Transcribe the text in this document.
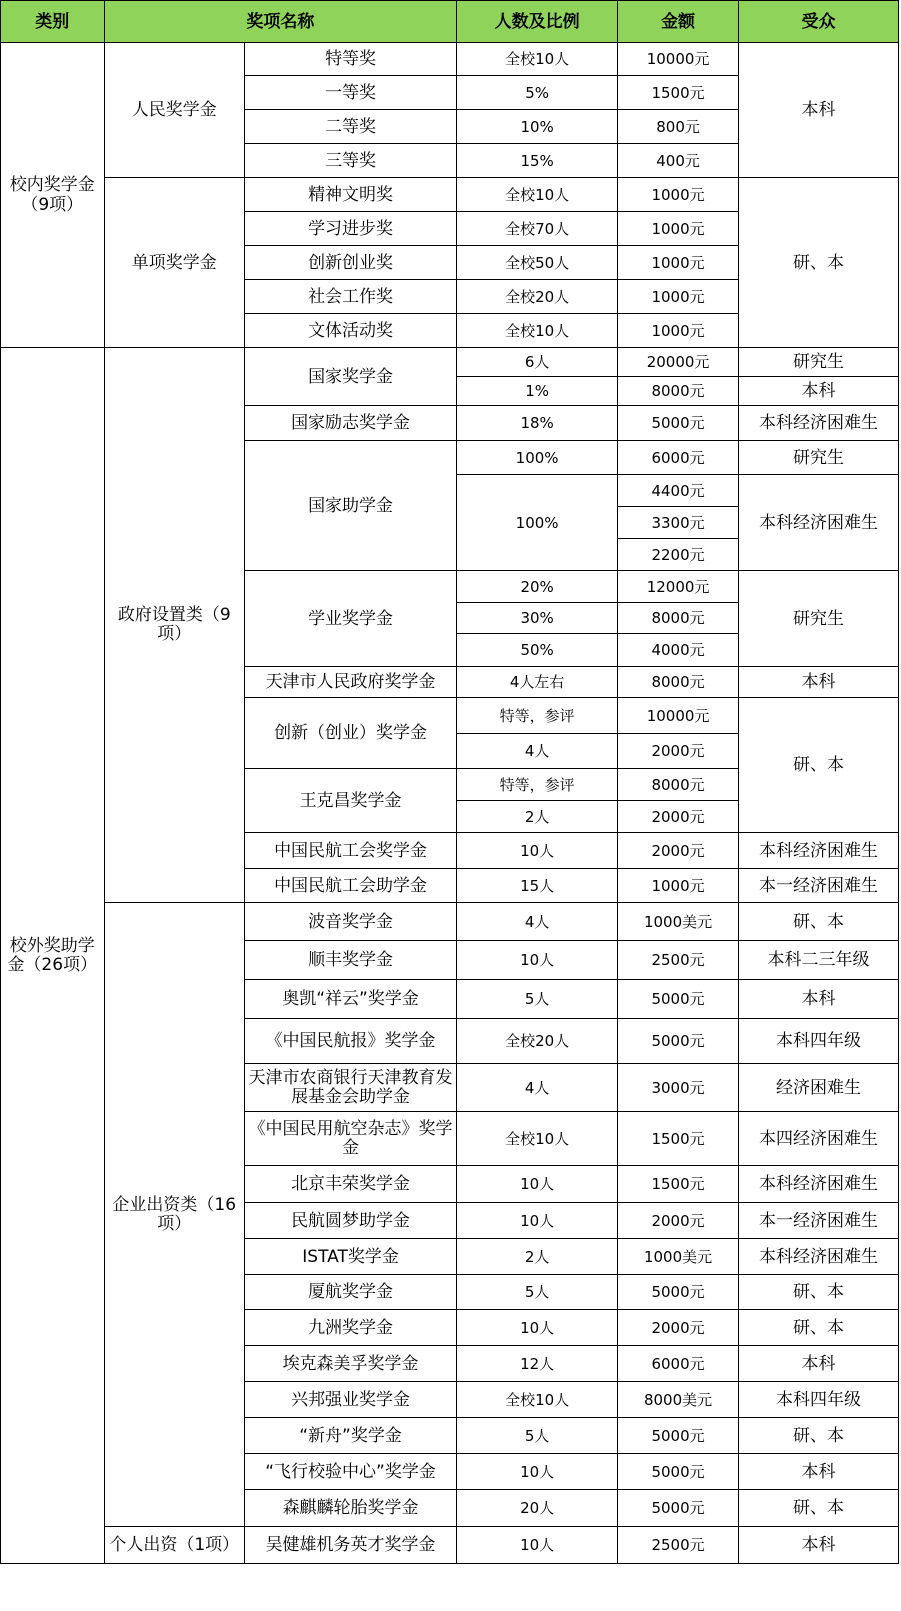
类别	奖项名称		人数及比例	金额	受众
校内奖学金（9项）	人民奖学金	特等奖	全校10人	10000元	本科
		一等奖	5%	1500元	
		二等奖	10%	800元	
		三等奖	15%	400元	
	单项奖学金	精神文明奖	全校10人	1000元	研、本
		学习进步奖	全校70人	1000元	
		创新创业奖	全校50人	1000元	
		社会工作奖	全校20人	1000元	
		文体活动奖	全校10人	1000元	
校外奖助学金（26项）	政府设置类（9项）	国家奖学金	6人	20000元	研究生
			1%	8000元	本科
		国家励志奖学金	18%	5000元	本科经济困难生
		国家助学金	100%	6000元	研究生
			100%	4400元	本科经济困难生
				3300元	
				2200元	
		学业奖学金	20%	12000元	研究生
			30%	8000元	
			50%	4000元	
		天津市人民政府奖学金	4人左右	8000元	本科
		创新（创业）奖学金	特等，参评	10000元	研、本
			4人	2000元	
		王克昌奖学金	特等，参评	8000元	
			2人	2000元	
		中国民航工会奖学金	10人	2000元	本科经济困难生
		中国民航工会助学金	15人	1000元	本一经济困难生
	企业出资类（16项）	波音奖学金	4人	1000美元	研、本
		顺丰奖学金	10人	2500元	本科二三年级
		奥凯“祥云”奖学金	5人	5000元	本科
		《中国民航报》奖学金	全校20人	5000元	本科四年级
		天津市农商银行天津教育发展基金会助学金	4人	3000元	经济困难生
		《中国民用航空杂志》奖学金	全校10人	1500元	本四经济困难生
		北京丰荣奖学金	10人	1500元	本科经济困难生
		民航圆梦助学金	10人	2000元	本一经济困难生
		ISTAT奖学金	2人	1000美元	本科经济困难生
		厦航奖学金	5人	5000元	研、本
		九洲奖学金	10人	2000元	研、本
		埃克森美孚奖学金	12人	6000元	本科
		兴邦强业奖学金	全校10人	8000美元	本科四年级
		“新舟”奖学金	5人	5000元	研、本
		“飞行校验中心”奖学金	10人	5000元	本科
		森麒麟轮胎奖学金	20人	5000元	研、本
	个人出资（1项）	吴健雄机务英才奖学金	10人	2500元	本科
